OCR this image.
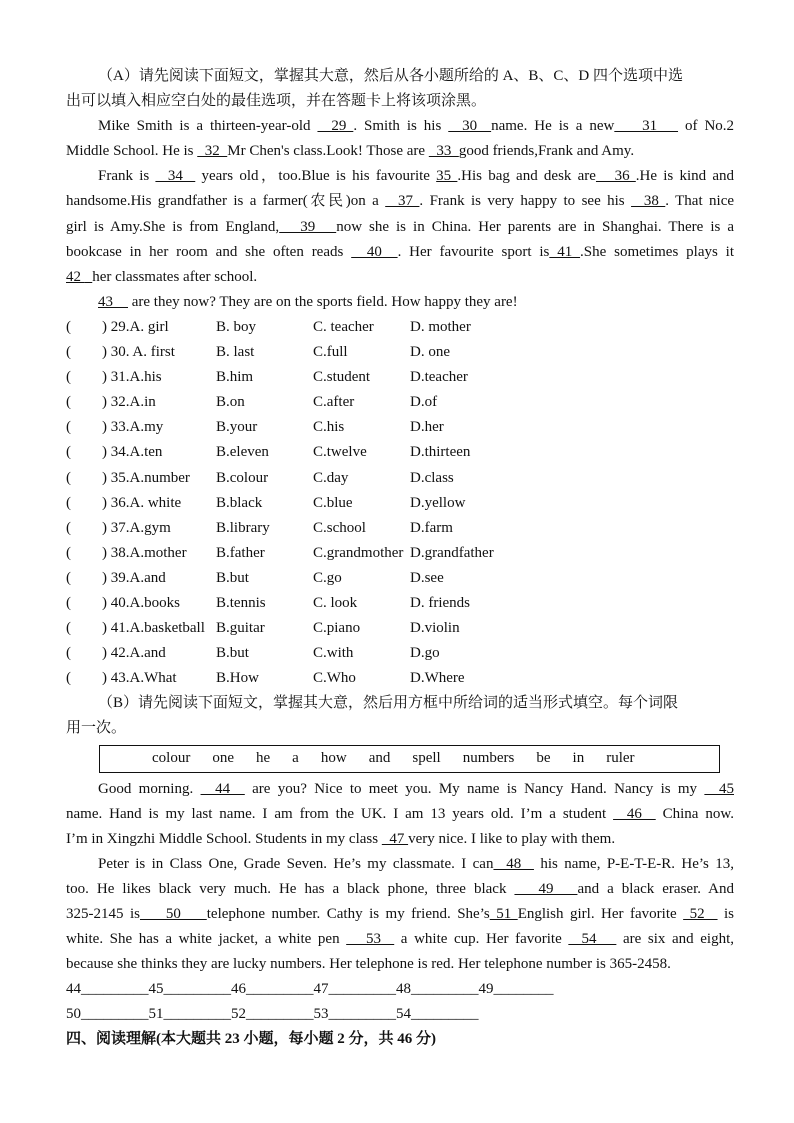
（A）请先阅读下面短文，掌握其大意，然后从各小题所给的 A、B、C、D 四个选项中选
出可以填入相应空白处的最佳选项，并在答题卡上将该项涂黑。
Mike Smith is a thirteen-year-old   29 . Smith is his   30  name. He is a new    31    of No.2
Middle School. He is   32  Mr Chen's class.Look! Those are   33  good friends,Frank and Amy.
Frank is   34   years old，too.Blue is his favourite 35 .His bag and desk are   36 .He is kind and
handsome.His grandfather is a farmer(农民)on a   37 . Frank is very happy to see his   38 . That nice
girl is Amy.She is from England,   39   now she is in China. Her parents are in Shanghai. There is a
bookcase in her room and she often reads   40  . Her favourite sport is 41 .She sometimes plays it
42   her classmates after school.
43     are they now? They are on the sports field. How happy they are!
( ) 29.A. girl	B. boy	C. teacher D. mother
( ) 30. A. first	B. last	C.full	D. one
( ) 31.A.his	B.him	C.student	D.teacher
( ) 32.A.in	B.on	C.after	D.of
( ) 33.A.my	B.your	C.his	D.her
( ) 34.A.ten	B.eleven	C.twelve	D.thirteen
( ) 35.A.number B.colour	C.day	D.class
( ) 36.A. white B.black	C.blue	D.yellow
( ) 37.A.gym	B.library	C.school	D.farm
( ) 38.A.mother B.father	C.grandmother D.grandfather
( ) 39.A.and	B.but	C.go	D.see
( ) 40.A.books B.tennis	C. look	D. friends
( ) 41.A.basketball B.guitar	C.piano	D.violin
( ) 42.A.and	B.but	C.with	D.go
( ) 43.A.What	B.How	C.Who	D.Where
（B）请先阅读下面短文，掌握其大意，然后用方框中所给词的适当形式填空。每个词限
用一次。
colour one he a how and spell numbers be in ruler
Good morning.   44   are you? Nice to meet you. My name is Nancy Hand. Nancy is my   45
name. Hand is my last name. I am from the UK. I am 13 years old. I’m a student   46   China now.
I’m in Xingzhi Middle School. Students in my class   47 very nice. I like to play with them.
Peter is in Class One, Grade Seven. He’s my classmate. I can  48   his name, P-E-T-E-R. He’s 13,
too. He likes black very much. He has a black phone, three black    49   and a black eraser. And
325-2145 is    50    telephone number. Cathy is my friend. She’s 51 English girl. Her favorite  52   is
white. She has a white jacket, a white pen    53   a white cup. Her favorite   54    are six and eight,
because she thinks they are lucky numbers. Her telephone is red. Her telephone number is 365-2458.
44_________ 45_________ 46_________ 47_________ 48_________ 49________
50_________ 51_________ 52_________ 53_________ 54_________
四、阅读理解(本大题共 23 小题，每小题 2 分，共 46 分)
